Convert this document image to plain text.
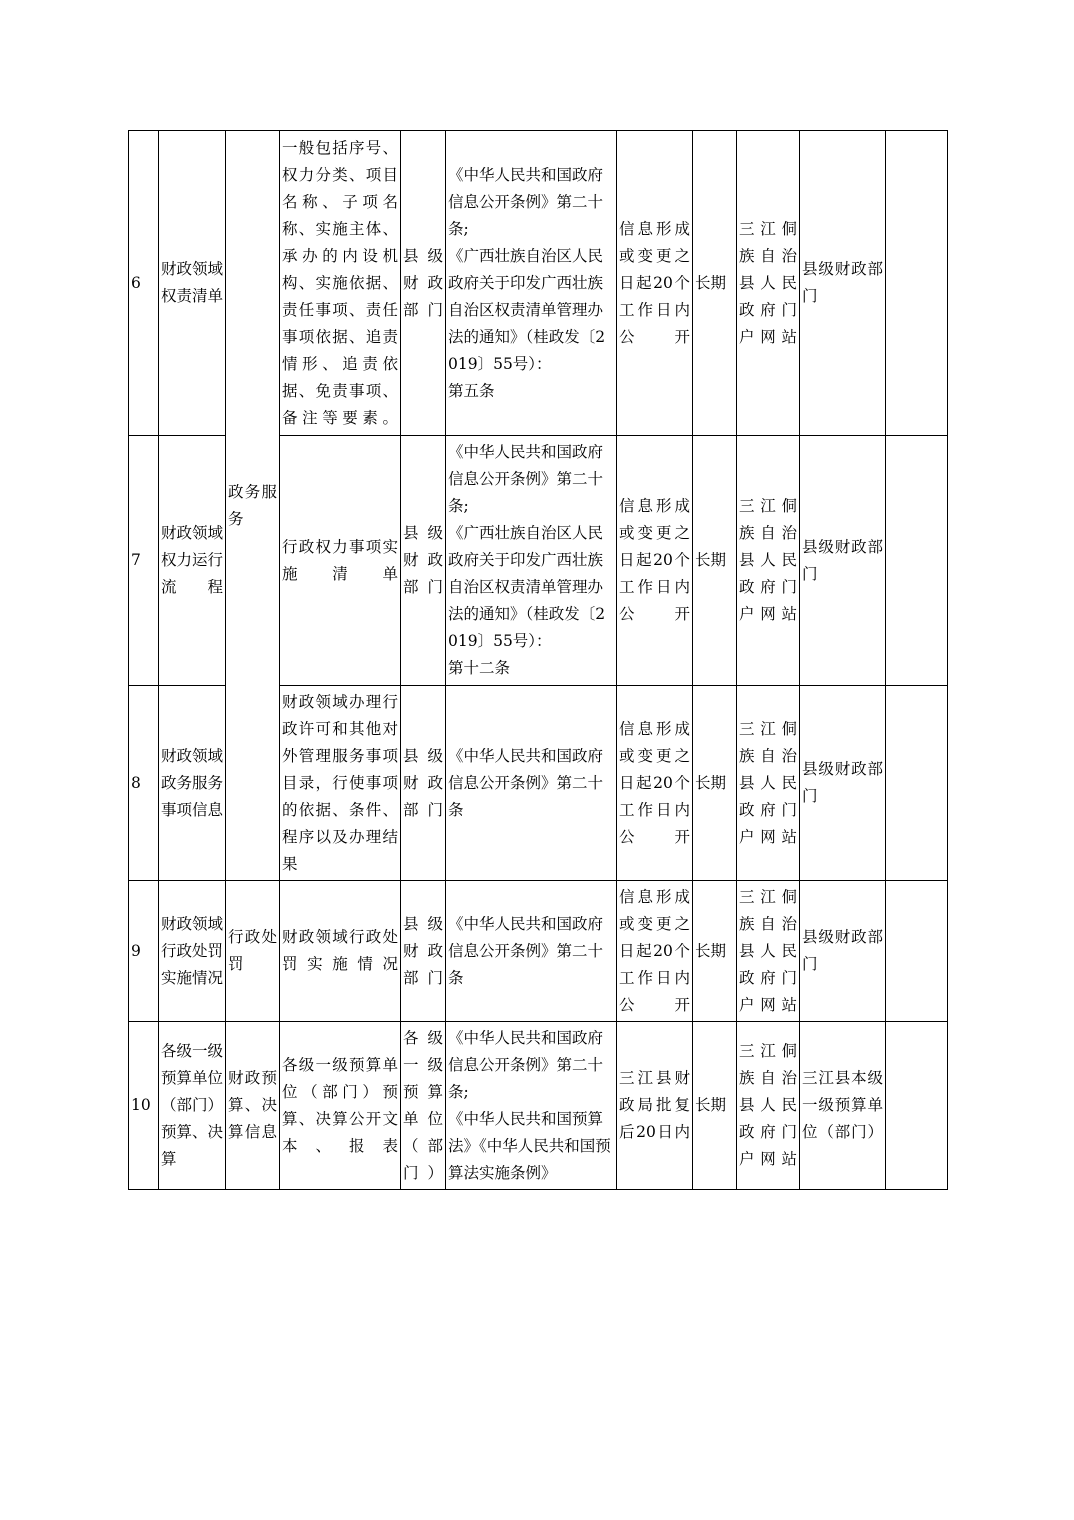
6	财政领域权责清单	政务服务	一般包括序号、权力分类、项目名称、子项名称、实施主体、承办的内设机构、实施依据、责任事项、责任事项依据、追责情形、追责依据、免责事项、备注等要素。	县级财政部门	《中华人民共和国政府信息公开条例》第二十条;
《广西壮族自治区人民政府关于印发广西壮族自治区权责清单管理办法的通知》（桂政发〔2019〕55号）：
第五条	信息形成或变更之日起20个工作日内公开	长期	三江侗族自治县人民政府门户网站	县级财政部门	
7	财政领域权力运行流程		行政权力事项实施清单	县级财政部门	《中华人民共和国政府信息公开条例》第二十条;
《广西壮族自治区人民政府关于印发广西壮族自治区权责清单管理办法的通知》（桂政发〔2019〕55号）：
第十二条	信息形成或变更之日起20个工作日内公开	长期	三江侗族自治县人民政府门户网站	县级财政部门	
8	财政领域政务服务事项信息		财政领域办理行政许可和其他对外管理服务事项目录，行使事项的依据、条件、程序以及办理结果	县级财政部门	《中华人民共和国政府信息公开条例》第二十条	信息形成或变更之日起20个工作日内公开	长期	三江侗族自治县人民政府门户网站	县级财政部门	
9	财政领域行政处罚实施情况	行政处罚	财政领域行政处罚实施情况	县级财政部门	《中华人民共和国政府信息公开条例》第二十条	信息形成或变更之日起20个工作日内公开	长期	三江侗族自治县人民政府门户网站	县级财政部门	
10	各级一级预算单位（部门）预算、决算	财政预算、决算信息	各级一级预算单位（部门）预算、决算公开文本、报表	各级一级预算单位（部门）	《中华人民共和国政府信息公开条例》第二十条;
《中华人民共和国预算法》《中华人民共和国预算法实施条例》	三江县财政局批复后20日内	长期	三江侗族自治县人民政府门户网站	三江县本级一级预算单位（部门）	
